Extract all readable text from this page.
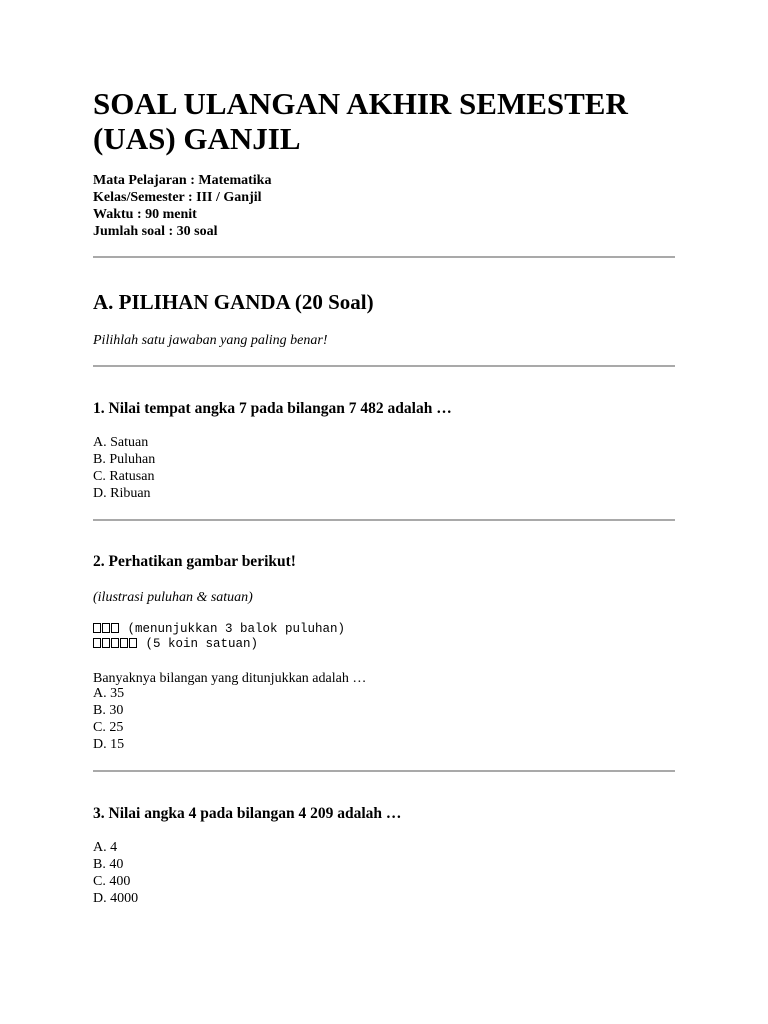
SOAL ULANGAN AKHIR SEMESTER (UAS) GANJIL
Mata Pelajaran : Matematika
Kelas/Semester : III / Ganjil
Waktu : 90 menit
Jumlah soal : 30 soal
A. PILIHAN GANDA (20 Soal)
Pilihlah satu jawaban yang paling benar!
1. Nilai tempat angka 7 pada bilangan 7 482 adalah …
A. Satuan
B. Puluhan
C. Ratusan
D. Ribuan
2. Perhatikan gambar berikut!
(ilustrasi puluhan & satuan)
(menunjukkan 3 balok puluhan)
(5 koin satuan)
Banyaknya bilangan yang ditunjukkan adalah …
A. 35
B. 30
C. 25
D. 15
3. Nilai angka 4 pada bilangan 4 209 adalah …
A. 4
B. 40
C. 400
D. 4000
